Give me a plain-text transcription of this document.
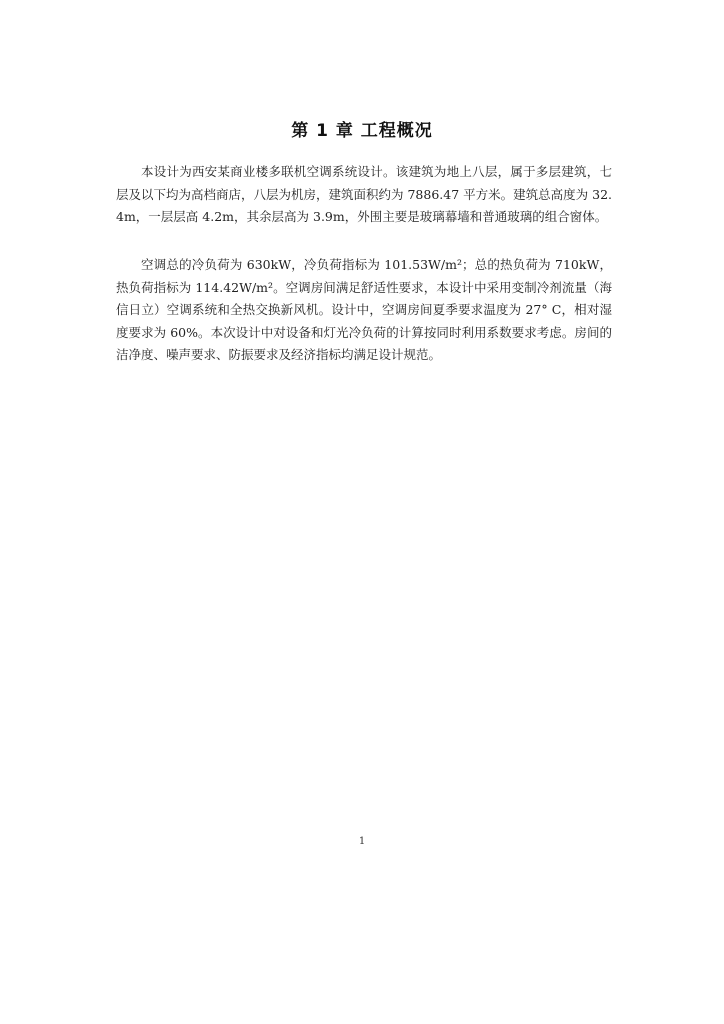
第 1 章 工程概况

本设计为西安某商业楼多联机空调系统设计。该建筑为地上八层，属于多层建筑，七层及以下均为高档商店，八层为机房，建筑面积约为 7886.47 平方米。建筑总高度为 32.4m，一层层高 4.2m，其余层高为 3.9m，外围主要是玻璃幕墙和普通玻璃的组合窗体。

空调总的冷负荷为 630kW，冷负荷指标为 101.53W/m²；总的热负荷为 710kW，热负荷指标为 114.42W/m²。空调房间满足舒适性要求，本设计中采用变制冷剂流量（海信日立）空调系统和全热交换新风机。设计中，空调房间夏季要求温度为 27° C，相对湿度要求为 60%。本次设计中对设备和灯光冷负荷的计算按同时利用系数要求考虑。房间的洁净度、噪声要求、防振要求及经济指标均满足设计规范。

1
